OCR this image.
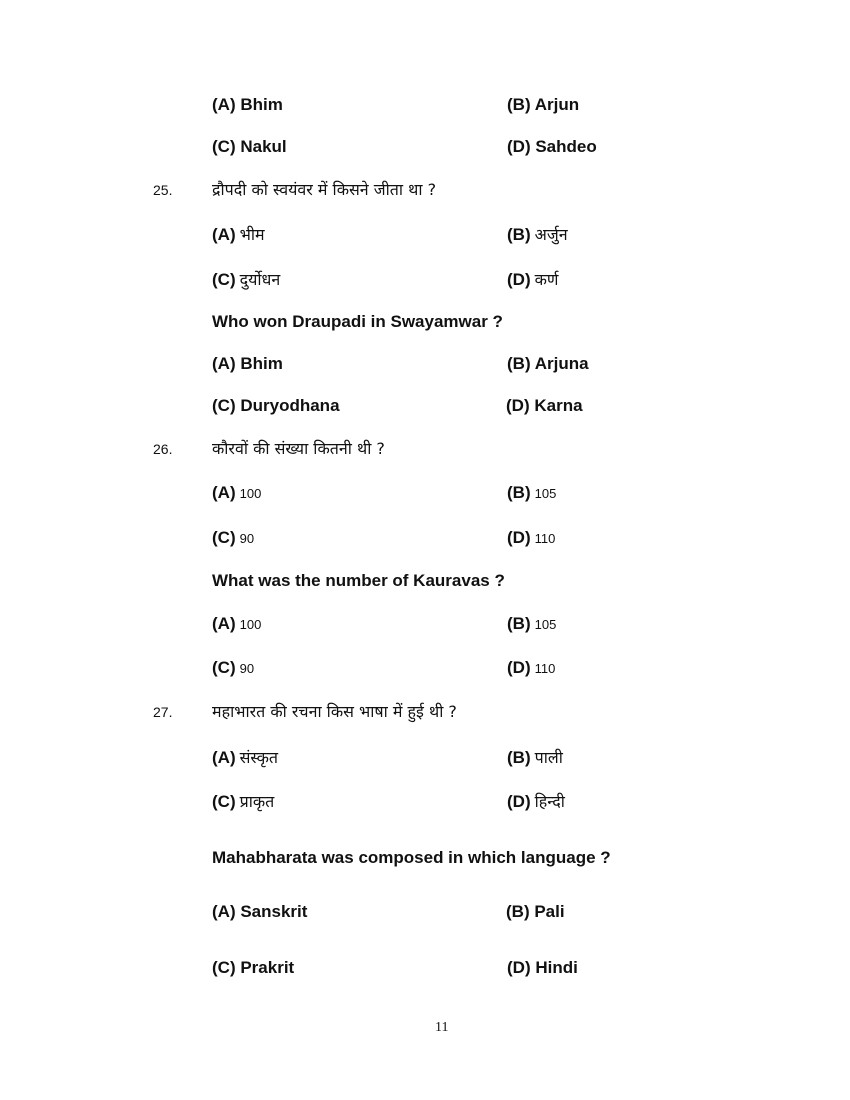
(A) Bhim	(B) Arjun
(C) Nakul	(D) Sahdeo
25. द्रौपदी को स्वयंवर में किसने जीता था ?
(A) भीम	(B) अर्जुन
(C) दुर्योधन	(D) कर्ण
Who won Draupadi in Swayamwar ?
(A) Bhim	(B) Arjuna
(C) Duryodhana	(D) Karna
26. कौरवों की संख्या कितनी थी ?
(A) 100	(B) 105
(C) 90	(D) 110
What was the number of Kauravas ?
(A) 100	(B) 105
(C) 90	(D) 110
27. महाभारत की रचना किस भाषा में हुई थी ?
(A) संस्कृत	(B) पाली
(C) प्राकृत	(D) हिन्दी
Mahabharata was composed in which language ?
(A) Sanskrit	(B) Pali
(C) Prakrit	(D) Hindi
11
